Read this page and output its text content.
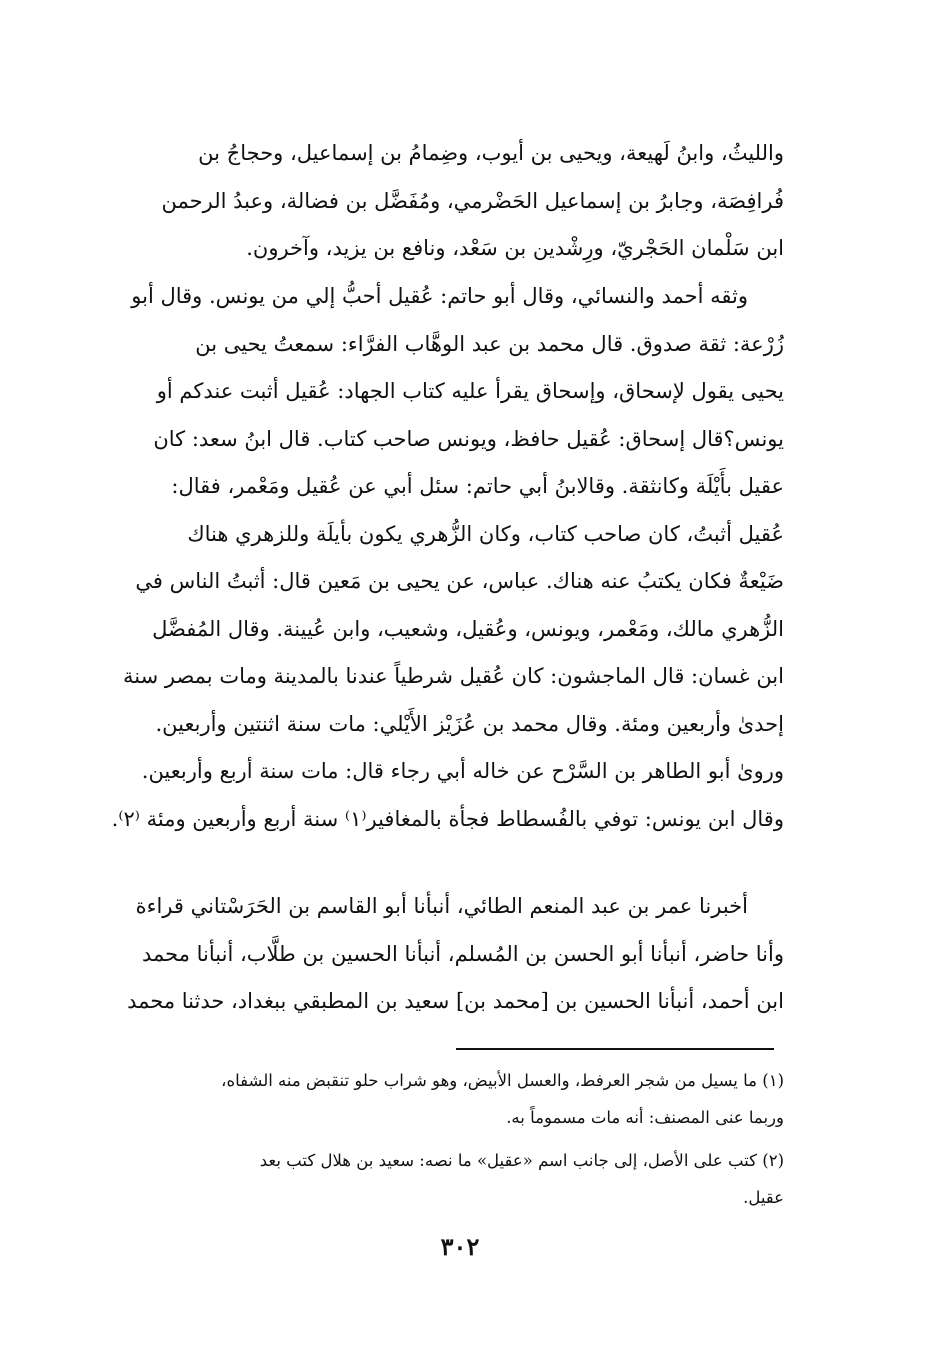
والليثُ، وابنُ لَهيعة، ويحيى بن أيوب، وضِمامُ بن إسماعيل، وحجاجُ بن
فُرافِصَة، وجابرُ بن إسماعيل الحَضْرمي، ومُفَضَّل بن فضالة، وعبدُ الرحمن
ابن سَلْمان الحَجْريّ، ورِشْدين بن سَعْد، ونافع بن يزيد، وآخرون.
وثقه أحمد والنسائي، وقال أبو حاتم: عُقيل أحبُّ إلي من يونس. وقال أبو
زُرْعة: ثقة صدوق. قال محمد بن عبد الوهَّاب الفرَّاء: سمعتُ يحيى بن
يحيى يقول لإسحاق، وإسحاق يقرأ عليه كتاب الجهاد: عُقيل أثبت عندكم أو
يونس؟قال إسحاق: عُقيل حافظ، ويونس صاحب كتاب. قال ابنُ سعد: كان
عقيل بأَيْلَة وكانثقة. وقالابنُ أبي حاتم: سئل أبي عن عُقيل ومَعْمر، فقال:
عُقيل أثبتُ، كان صاحب كتاب، وكان الزُّهري يكون بأيلَة وللزهري هناك
ضَيْعةٌ فكان يكتبُ عنه هناك. عباس، عن يحيى بن مَعين قال: أثبتُ الناس في
الزُّهري مالك، ومَعْمر، ويونس، وعُقيل، وشعيب، وابن عُيينة. وقال المُفضَّل
ابن غسان: قال الماجشون: كان عُقيل شرطياً عندنا بالمدينة ومات بمصر سنة
إحدىٰ وأربعين ومئة. وقال محمد بن عُزَيْز الأَيْلي: مات سنة اثنتين وأربعين.
وروىٰ أبو الطاهر بن السَّرْح عن خاله أبي رجاء قال: مات سنة أربع وأربعين.
وقال ابن يونس: توفي بالفُسطاط فجأة بالمغافير⁽١⁾ سنة أربع وأربعين ومئة ⁽٢⁾.
أخبرنا عمر بن عبد المنعم الطائي، أنبأنا أبو القاسم بن الحَرَسْتاني قراءة
وأنا حاضر، أنبأنا أبو الحسن بن المُسلم، أنبأنا الحسين بن طلَّاب، أنبأنا محمد
ابن أحمد، أنبأنا الحسين بن [محمد بن] سعيد بن المطبقي ببغداد، حدثنا محمد
(١) ما يسيل من شجر العرفط، والعسل الأبيض، وهو شراب حلو تنقبض منه الشفاه،
وربما عنى المصنف: أنه مات مسموماً به.
(٢) كتب على الأصل، إلى جانب اسم «عقيل» ما نصه: سعيد بن هلال كتب بعد
عقيل.
٣٠٢
